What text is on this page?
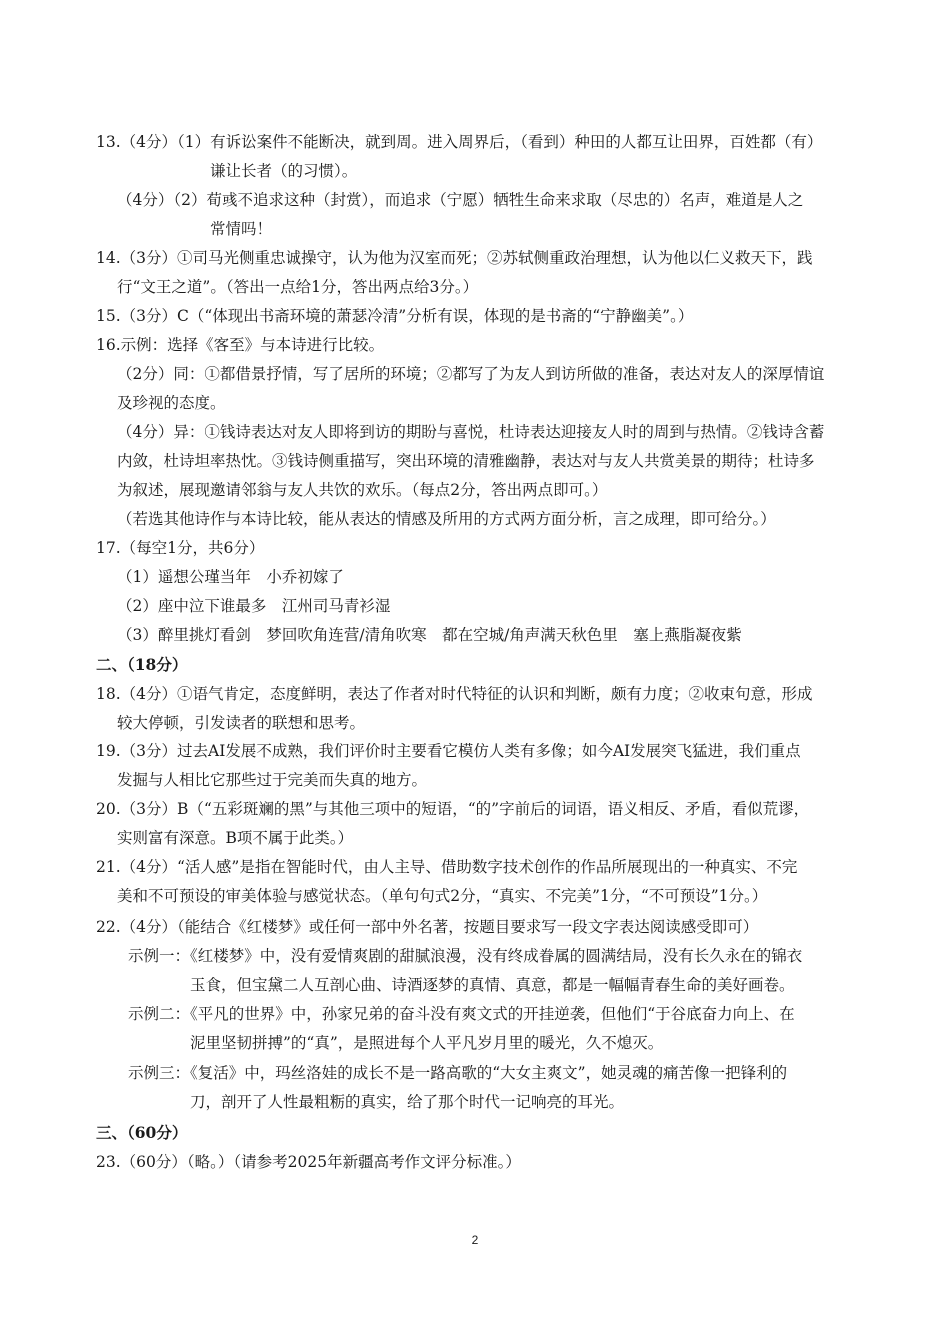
13.（4分）（1）有诉讼案件不能断决，就到周。进入周界后，（看到）种田的人都互让田界，百姓都（有）
谦让长者（的习惯）。
（4分）（2）荀彧不追求这种（封赏），而追求（宁愿）牺牲生命来求取（尽忠的）名声，难道是人之
常情吗！
14.（3分）①司马光侧重忠诚操守，认为他为汉室而死；②苏轼侧重政治理想，认为他以仁义救天下，践
行“文王之道”。（答出一点给1分，答出两点给3分。）
15.（3分）C（“体现出书斋环境的萧瑟冷清”分析有误，体现的是书斋的“宁静幽美”。）
16.示例：选择《客至》与本诗进行比较。
（2分）同：①都借景抒情，写了居所的环境；②都写了为友人到访所做的准备，表达对友人的深厚情谊
及珍视的态度。
（4分）异：①钱诗表达对友人即将到访的期盼与喜悦，杜诗表达迎接友人时的周到与热情。②钱诗含蓄
内敛，杜诗坦率热忱。③钱诗侧重描写，突出环境的清雅幽静，表达对与友人共赏美景的期待；杜诗多
为叙述，展现邀请邻翁与友人共饮的欢乐。（每点2分，答出两点即可。）
（若选其他诗作与本诗比较，能从表达的情感及所用的方式两方面分析，言之成理，即可给分。）
17.（每空1分，共6分）
（1）遥想公瑾当年　小乔初嫁了
（2）座中泣下谁最多　江州司马青衫湿
（3）醉里挑灯看剑　梦回吹角连营/清角吹寒　都在空城/角声满天秋色里　塞上燕脂凝夜紫
二、（18分）
18.（4分）①语气肯定，态度鲜明，表达了作者对时代特征的认识和判断，颇有力度；②收束句意，形成
较大停顿，引发读者的联想和思考。
19.（3分）过去AI发展不成熟，我们评价时主要看它模仿人类有多像；如今AI发展突飞猛进，我们重点
发掘与人相比它那些过于完美而失真的地方。
20.（3分）B（“五彩斑斓的黑”与其他三项中的短语，“的”字前后的词语，语义相反、矛盾，看似荒谬，
实则富有深意。B项不属于此类。）
21.（4分）“活人感”是指在智能时代，由人主导、借助数字技术创作的作品所展现出的一种真实、不完
美和不可预设的审美体验与感觉状态。（单句句式2分，“真实、不完美”1分，“不可预设”1分。）
22.（4分）（能结合《红楼梦》或任何一部中外名著，按题目要求写一段文字表达阅读感受即可）
示例一：《红楼梦》中，没有爱情爽剧的甜腻浪漫，没有终成眷属的圆满结局，没有长久永在的锦衣
玉食，但宝黛二人互剖心曲、诗酒逐梦的真情、真意，都是一幅幅青春生命的美好画卷。
示例二：《平凡的世界》中，孙家兄弟的奋斗没有爽文式的开挂逆袭，但他们“于谷底奋力向上、在
泥里坚韧拼搏”的“真”，是照进每个人平凡岁月里的暖光，久不熄灭。
示例三：《复活》中，玛丝洛娃的成长不是一路高歌的“大女主爽文”，她灵魂的痛苦像一把锋利的
刀，剖开了人性最粗粝的真实，给了那个时代一记响亮的耳光。
三、（60分）
23.（60分）（略。）（请参考2025年新疆高考作文评分标准。）
2
